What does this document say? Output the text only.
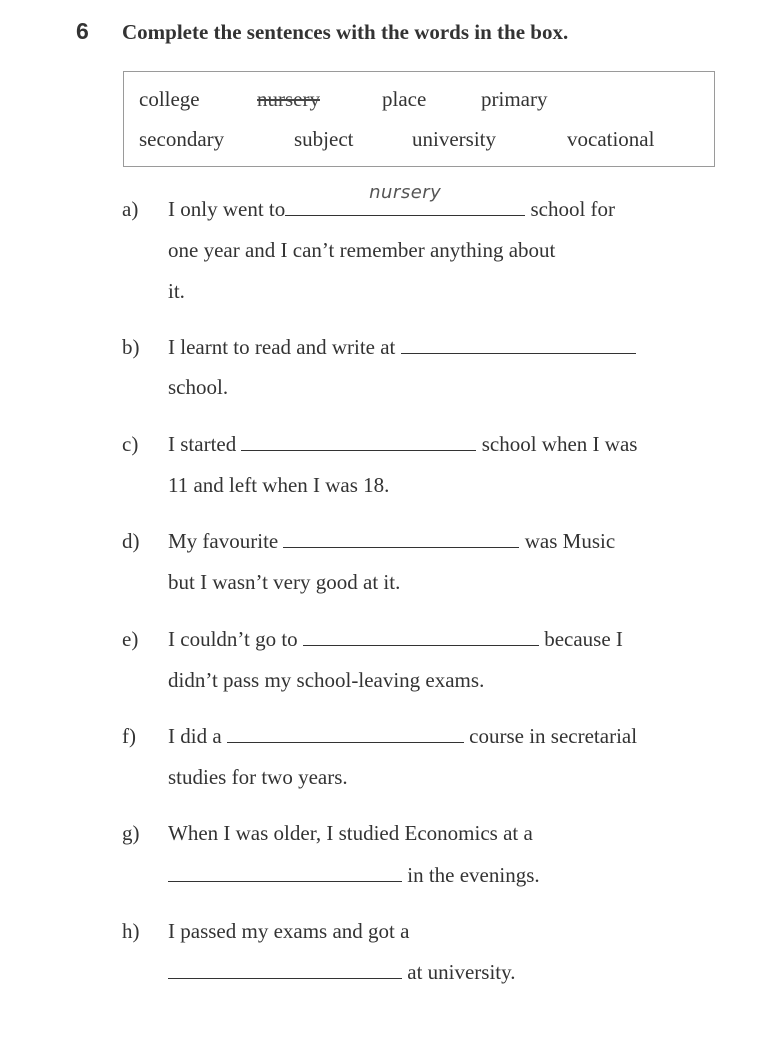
6 Complete the sentences with the words in the box.
college	nursery	place	primary
secondary	subject	university	vocational
a) I only went to
nursery
school for
one year and I can’t remember anything about
it.
b) I learnt to read and write at
school.
c) I started	school when I was
11 and left when I was 18.
d) My favourite	was Music
but I wasn’t very good at it.
e) I couldn’t go to	because I
didn’t pass my school-leaving exams.
f) I did a	course in secretarial
studies for two years.
g) When I was older, I studied Economics at a
in the evenings.
h) I passed my exams and got a
at university.
